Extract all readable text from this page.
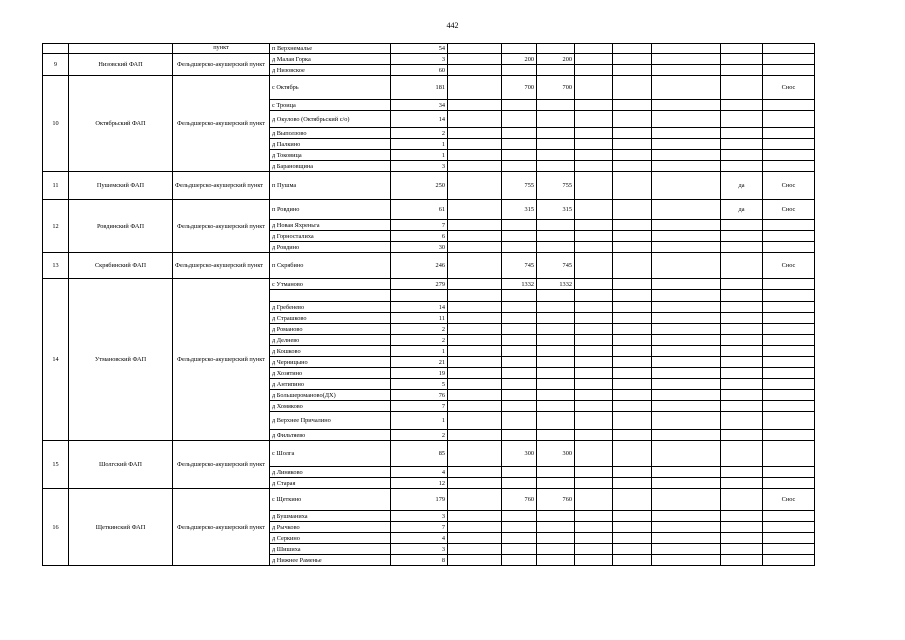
442
		пункт	п Верхнемалье	54								
9	Низовский ФАП	Фельдшерско-акушерский пункт	д Малая Горка	3		200	200					
			д Низовское	60								
10	Октябрьский ФАП	Фельдшерско-акушерский пункт	с Октябрь	181		700	700					Снос
			с Троица	34								
			д Окулово (Октябрьский с/о)	14								
			д Выползово	2								
			д Палкино	1								
			д Токовица	1								
			д Барановщина	3								
11	Пушемский ФАП	Фельдшерско-акушерский пункт	п Пушма	250		755	755				да	Снос
12	Ровдинский ФАП	Фельдшерско-акушерский пункт	п Ровдино	61		315	315				да	Снос
			д Новая Яхреньга	7								
			д Горносталиха	6								
			д Ровдино	30								
13	Скрябинский ФАП	Фельдшерско-акушерский пункт	п Скрябино	246		745	745					Снос
14	Утмановский ФАП	Фельдшерско-акушерский пункт	с Утманово	279		1332	1332					

			д Гребенево	14								
			д Страшково	11								
			д Романово	2								
			д Делнево	2								
			д Кошково	1								
			д Черницыно	21								
			д Хозятино	19								
			д Антипино	5								
			д Большероманово(ДХ)	76								
			д Хомяково	7								
			д Верхнее Причалино	1								
			д Фильтяево	2								
15	Шолгский ФАП	Фельдшерско-акушерский пункт	с Шолга	85		300	300					
			д Линяково	4								
			д Старая	12								
16	Щеткинский ФАП	Фельдшерско-акушерский пункт	с Щеткино	179		760	760					Снос
			д Бушманиха	3								
			д Рычково	7								
			д Серкино	4								
			д Шишиха	3								
			д Нижнее Раменье	8								
